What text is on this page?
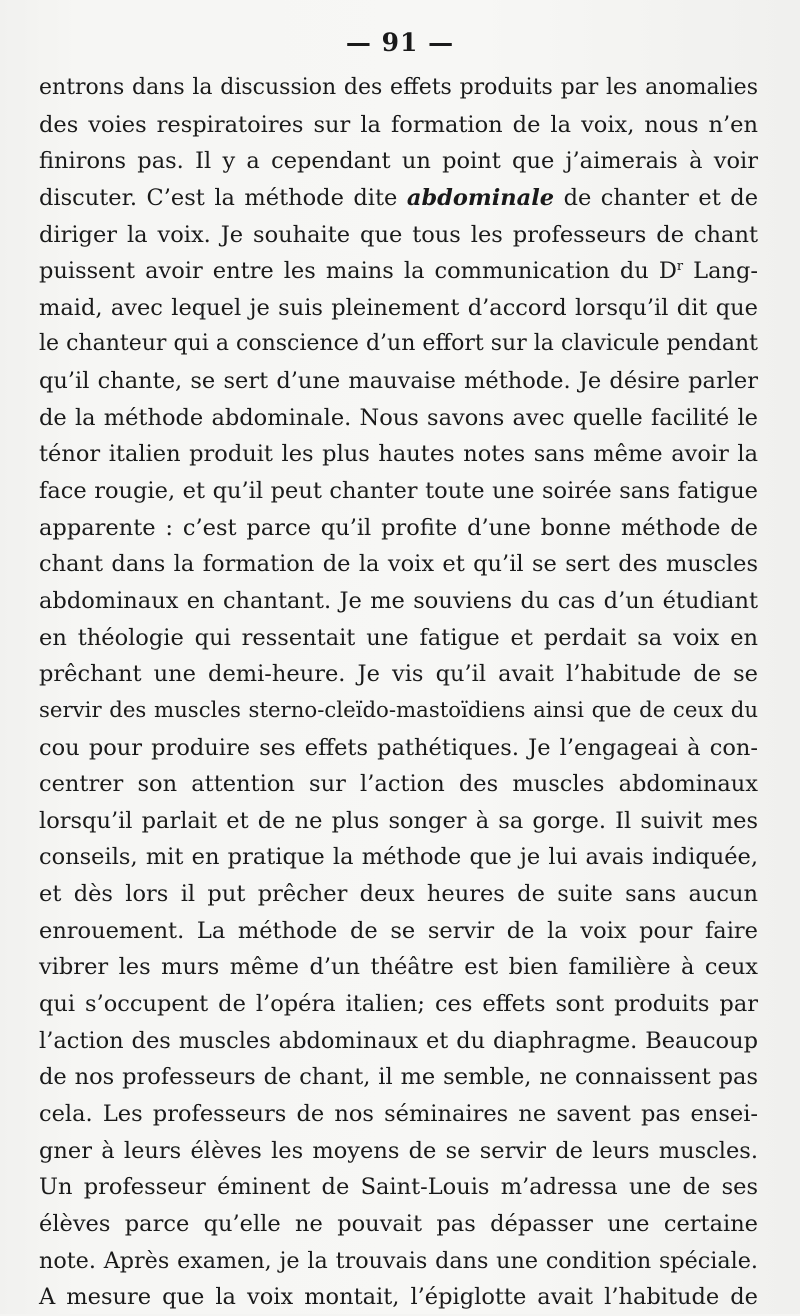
— 91 —
entrons dans la discussion des effets produits par les anomalies
des voies respiratoires sur la formation de la voix, nous n’en
finirons pas. Il y a cependant un point que j’aimerais à voir
discuter. C’est la méthode dite abdominale de chanter et de
diriger la voix. Je souhaite que tous les professeurs de chant
puissent avoir entre les mains la communication du $D^r$ Lang-
maid, avec lequel je suis pleinement d’accord lorsqu’il dit que
le chanteur qui a conscience d’un effort sur la clavicule pendant
qu’il chante, se sert d’une mauvaise méthode. Je désire parler
de la méthode abdominale. Nous savons avec quelle facilité le
ténor italien produit les plus hautes notes sans même avoir la
face rougie, et qu’il peut chanter toute une soirée sans fatigue
apparente : c’est parce qu’il profite d’une bonne méthode de
chant dans la formation de la voix et qu’il se sert des muscles
abdominaux en chantant. Je me souviens du cas d’un étudiant
en théologie qui ressentait une fatigue et perdait sa voix en
prêchant une demi-heure. Je vis qu’il avait l’habitude de se
servir des muscles sterno-cleïdo-mastoïdiens ainsi que de ceux du
cou pour produire ses effets pathétiques. Je l’engageai à con-
centrer son attention sur l’action des muscles abdominaux
lorsqu’il parlait et de ne plus songer à sa gorge. Il suivit mes
conseils, mit en pratique la méthode que je lui avais indiquée,
et dès lors il put prêcher deux heures de suite sans aucun
enrouement. La méthode de se servir de la voix pour faire
vibrer les murs même d’un théâtre est bien familière à ceux
qui s’occupent de l’opéra italien; ces effets sont produits par
l’action des muscles abdominaux et du diaphragme. Beaucoup
de nos professeurs de chant, il me semble, ne connaissent pas
cela. Les professeurs de nos séminaires ne savent pas ensei-
gner à leurs élèves les moyens de se servir de leurs muscles.
Un professeur éminent de Saint-Louis m’adressa une de ses
élèves parce qu’elle ne pouvait pas dépasser une certaine
note. Après examen, je la trouvais dans une condition spéciale.
A mesure que la voix montait, l’épiglotte avait l’habitude de
